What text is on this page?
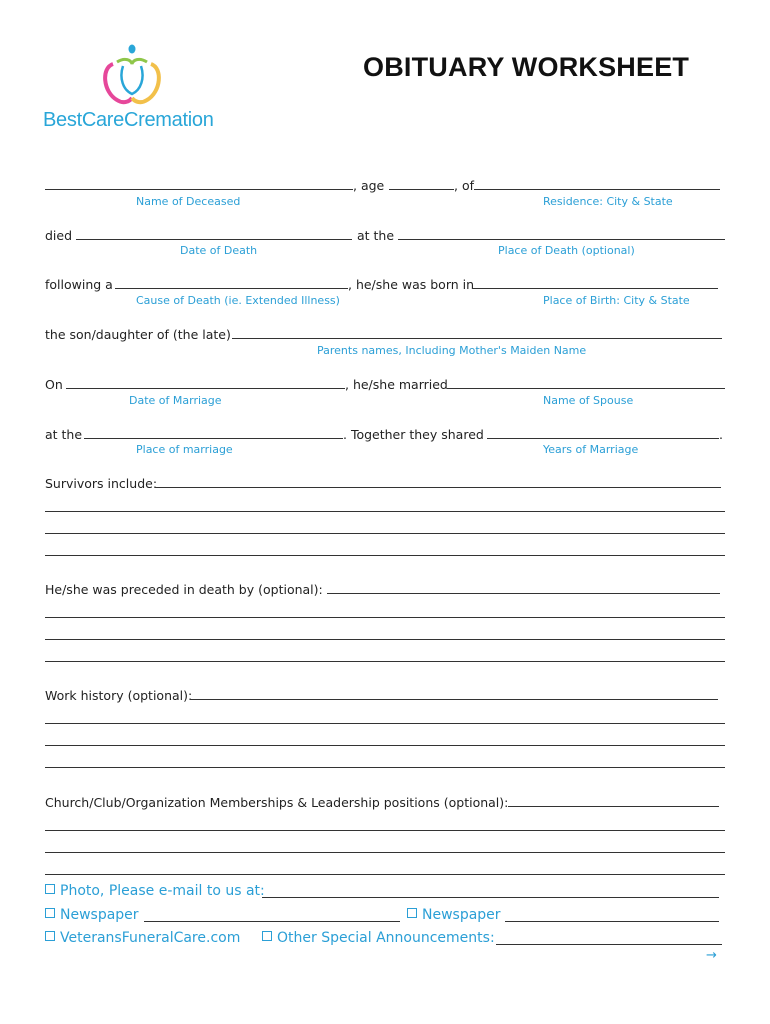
BestCareCremation
OBITUARY WORKSHEET
, age	, of
Name of Deceased	Residence: City & State
died	at the
Date of Death	Place of Death (optional)
following a	, he/she was born in
Cause of Death (ie. Extended Illness)	Place of Birth: City & State
the son/daughter of (the late)
Parents names, Including Mother's Maiden Name
On	, he/she married
Date of Marriage	Name of Spouse
at the	. Together they shared	.
Place of marriage	Years of Marriage
Survivors include:
He/she was preceded in death by (optional):
Work history (optional):
Church/Club/Organization Memberships & Leadership positions (optional):
Photo, Please e-mail to us at:
Newspaper	Newspaper
VeteransFuneralCare.com	Other Special Announcements:
→
